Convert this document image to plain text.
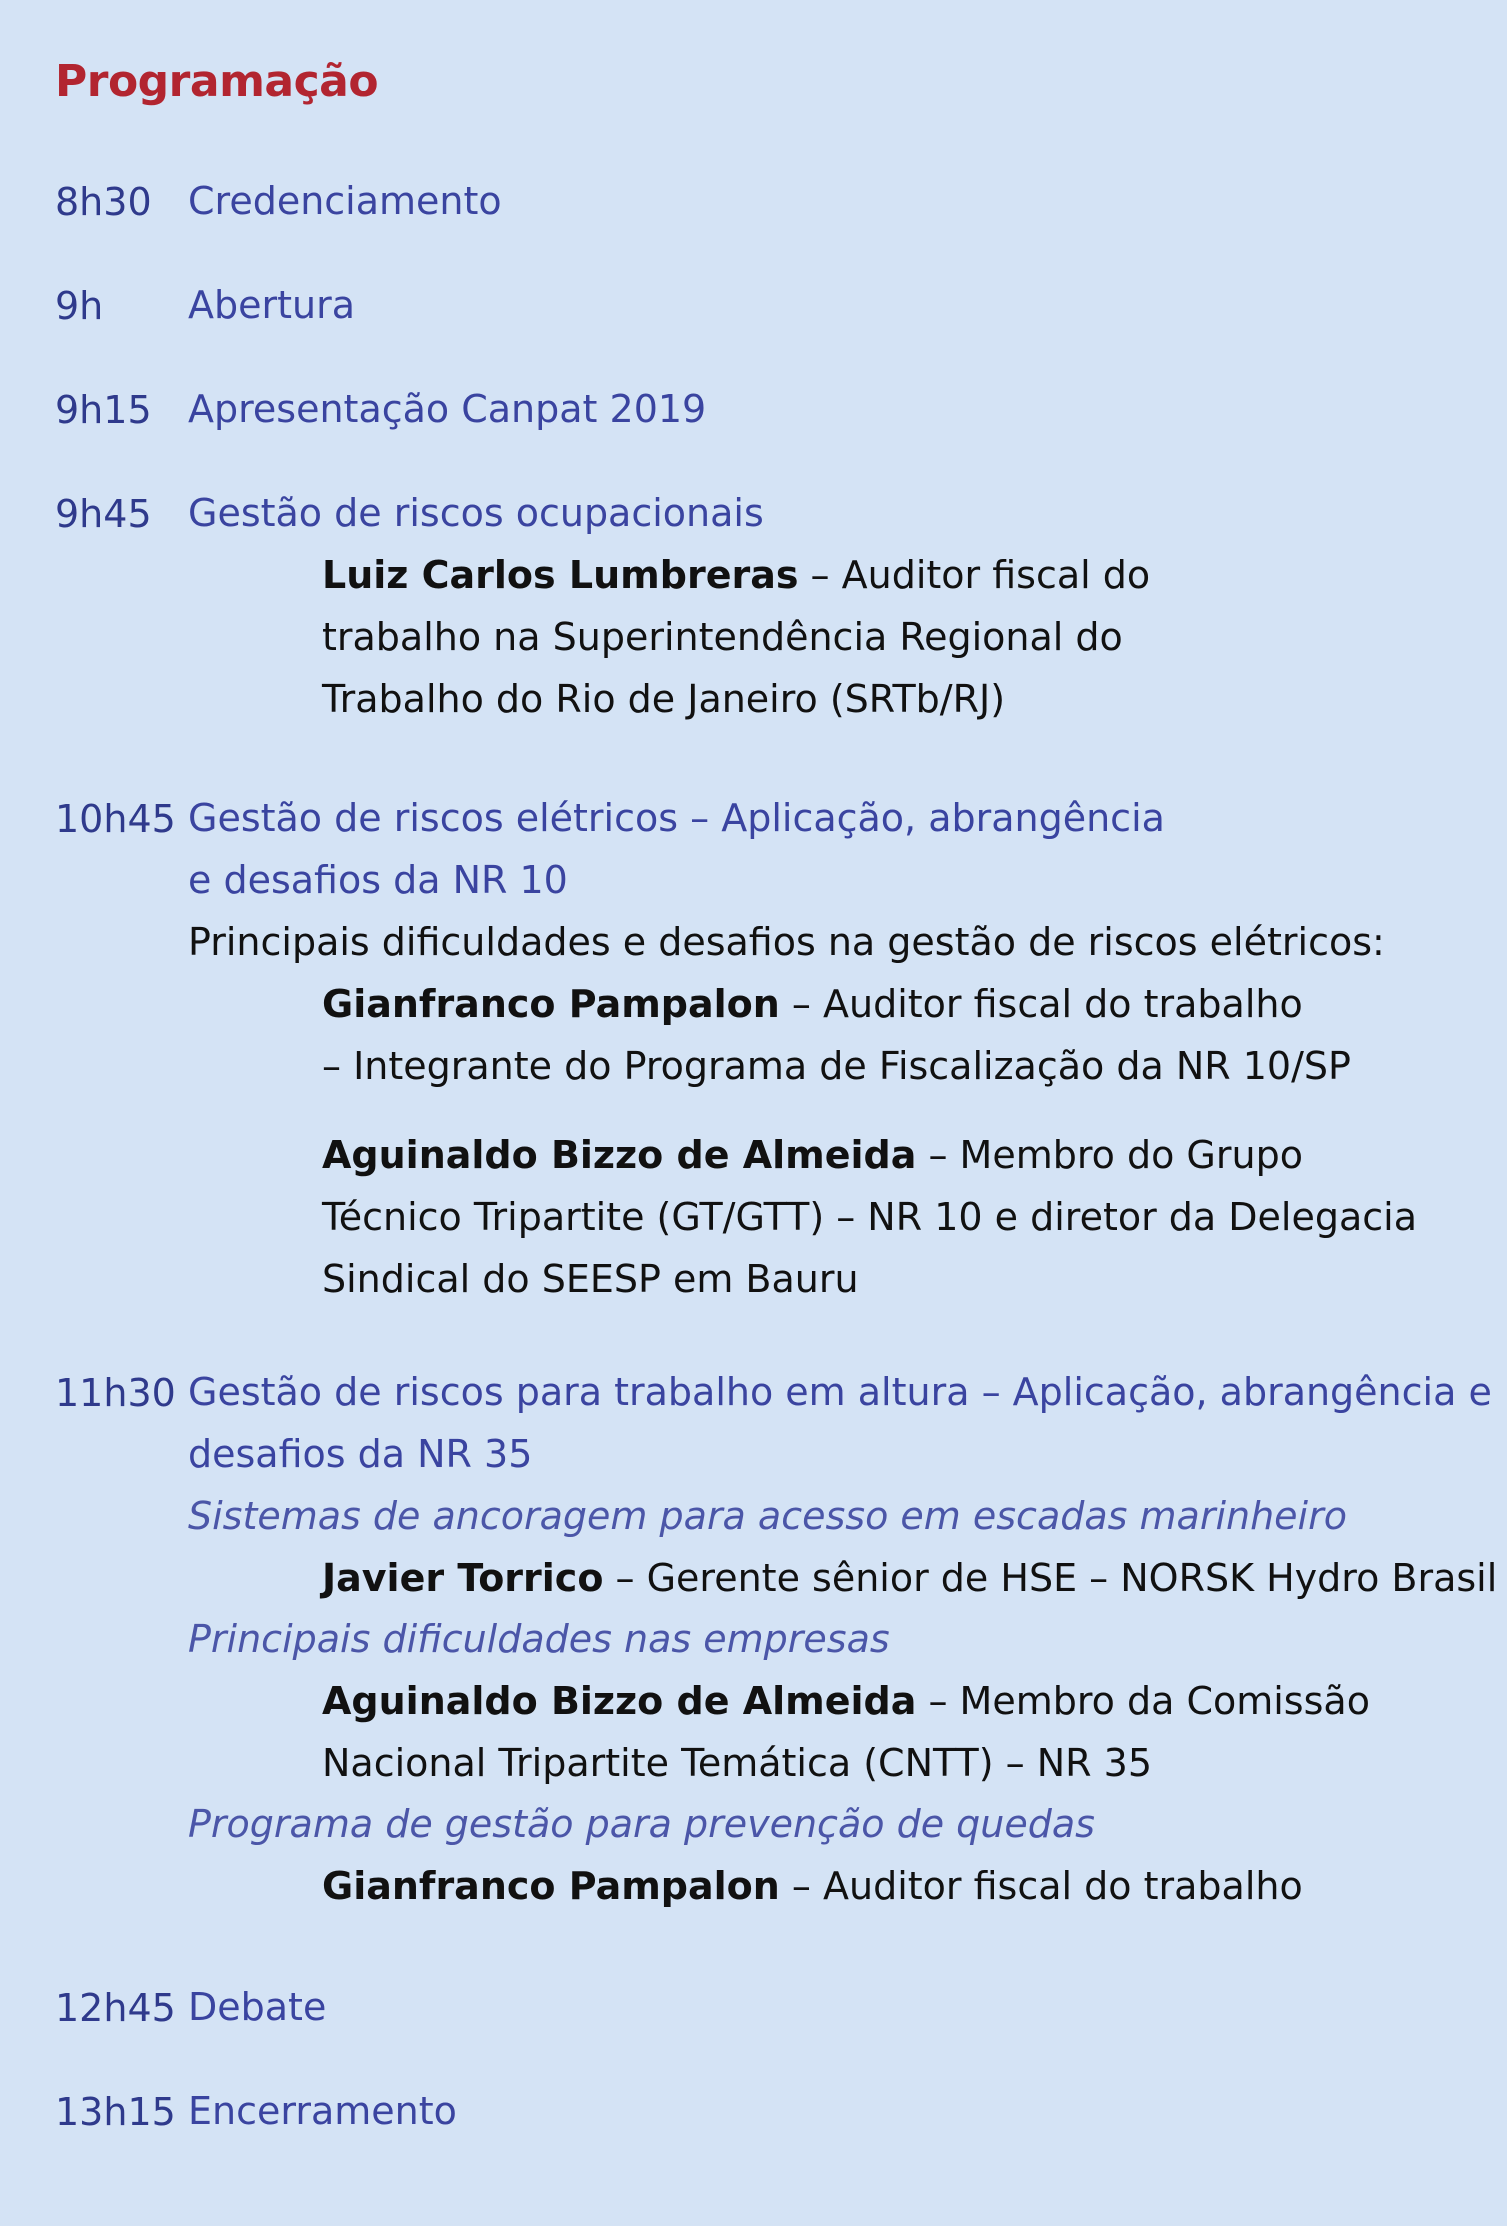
Programação
8h30 Credenciamento
9h Abertura
9h15 Apresentação Canpat 2019
9h45 Gestão de riscos ocupacionais
Luiz Carlos Lumbreras – Auditor fiscal do
trabalho na Superintendência Regional do
Trabalho do Rio de Janeiro (SRTb/RJ)
10h45 Gestão de riscos elétricos – Aplicação, abrangência
e desafios da NR 10
Principais dificuldades e desafios na gestão de riscos elétricos:
Gianfranco Pampalon – Auditor fiscal do trabalho
– Integrante do Programa de Fiscalização da NR 10/SP
Aguinaldo Bizzo de Almeida – Membro do Grupo
Técnico Tripartite (GT/GTT) – NR 10 e diretor da Delegacia
Sindical do SEESP em Bauru
11h30 Gestão de riscos para trabalho em altura – Aplicação, abrangência e
desafios da NR 35
Sistemas de ancoragem para acesso em escadas marinheiro
Javier Torrico – Gerente sênior de HSE – NORSK Hydro Brasil
Principais dificuldades nas empresas
Aguinaldo Bizzo de Almeida – Membro da Comissão
Nacional Tripartite Temática (CNTT) – NR 35
Programa de gestão para prevenção de quedas
Gianfranco Pampalon – Auditor fiscal do trabalho
12h45 Debate
13h15 Encerramento
